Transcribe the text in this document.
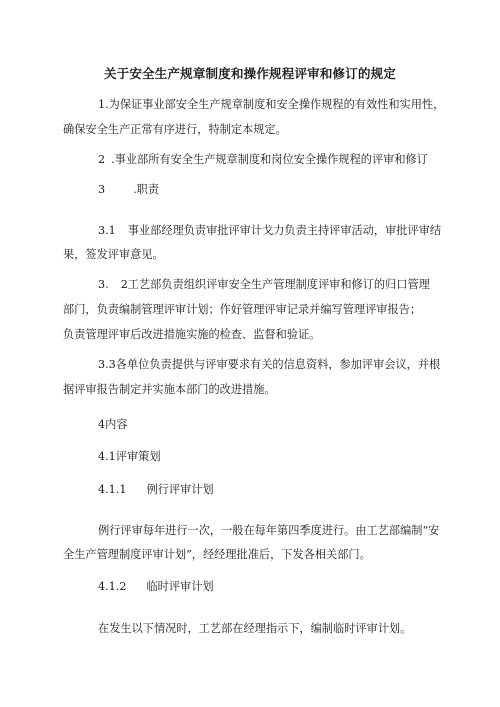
关于安全生产规章制度和操作规程评审和修订的规定
1.为保证事业部安全生产规章制度和安全操作规程的有效性和实用性，
确保安全生产正常有序进行，特制定本规定。
2 .事业部所有安全生产规章制度和岗位安全操作规程的评审和修订
3	.职责
3.1 事业部经理负责审批评审计戈力负责主持评审活动，审批评审结
果，签发评审意见。
3. 2工艺部负责组织评审安全生产管理制度评审和修订的归口管理
部门，负责编制管理评审计划；作好管理评审记录并编写管理评审报告；
负责管理评审后改进措施实施的检查、监督和验证。
3.3各单位负责提供与评审要求有关的信息资料，参加评审会议，并根
据评审报告制定并实施本部门的改进措施。
4内容
4.1评审策划
4.1.1 例行评审计划
例行评审每年进行一次，一般在每年第四季度进行。由工艺部编制“安
全生产管理制度评审计划”，经经理批准后，下发各相关部门。
4.1.2 临时评审计划
在发生以下情况时，工艺部在经理指示下，编制临时评审计划。
